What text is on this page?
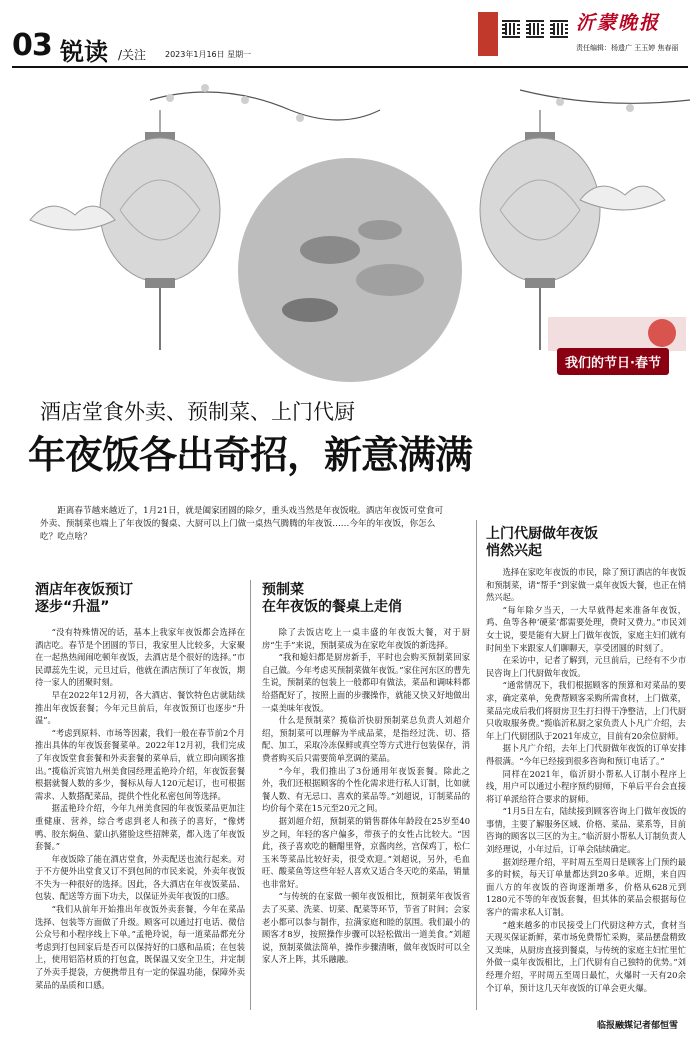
03 锐读 /关注 2023年1月16日 星期一
沂蒙晚报
责任编辑：杨遗广 王玉婷 焦春丽
我们的节日·春节
酒店堂食外卖、预制菜、上门代厨
年夜饭各出奇招，新意满满
距离春节越来越近了，1月21日，就是阖家团圆的除夕，重头戏当然是年夜饭啦。酒店年夜饭可堂食可外卖、预制菜也端上了年夜饭的餐桌、大厨可以上门做一桌热气腾腾的年夜饭……今年的年夜饭，你怎么吃？吃点啥？
酒店年夜饭预订
逐步“升温”

“没有特殊情况的话，基本上我家年夜饭都会选择在酒店吃。春节是个团圆的节日，我家里人比较多，大家聚在一起热热闹闹吃顿年夜饭，去酒店是个很好的选择。”市民谭蕊先生说，元旦过后，他就在酒店预订了年夜饭，期待一家人的团聚时刻。

早在2022年12月初，各大酒店、餐饮特色店就陆续推出年夜饭套餐；今年元旦前后，年夜饭预订也逐步“升温”。

“考虑到原料、市场等因素，我们一般在春节前2个月推出具体的年夜饭套餐菜单。2022年12月初，我们完成了年夜饭堂食套餐和外卖套餐的菜单后，就立即向顾客推出。”揽临沂宾馆九州美食园经理孟艳玲介绍，年夜饭套餐根据就餐人数的多少，餐标从每人120元起订，也可根据需求、人数搭配菜品，提供个性化私密包间等选择。

据孟艳玲介绍，今年九州美食园的年夜饭菜品更加注重健康、营养，综合考虑到老人和孩子的喜好，“像烤鸭、胶东焖鱼、蒙山扒猪脸这些招牌菜，都入选了年夜饭套餐。”

年夜饭除了能在酒店堂食，外卖配送也流行起来。对于不方便外出堂食又订不到包间的市民来说，外卖年夜饭不失为一种很好的选择。因此，各大酒店在年夜饭菜品、包装、配送等方面下功夫，以保证外卖年夜饭的口感。

“我们从前年开始推出年夜饭外卖套餐，今年在菜品选择、包装等方面做了升级。顾客可以通过打电话、微信公众号和小程序线上下单。”孟艳玲说，每一道菜品都充分考虑到打包回家后是否可以保持好的口感和品质；在包装上，使用铝箔材质的打包盒，既保温又安全卫生，并定制了外卖手提袋，方便携带且有一定的保温功能，保障外卖菜品的品质和口感。

预制菜
在年夜饭的餐桌上走俏

除了去饭店吃上一桌丰盛的年夜饭大餐，对于厨房“生手”来说，预制菜成为在家吃年夜饭的新选择。

“我和媳妇都是厨房新手，平时也会购买预制菜回家自己做。今年考虑买预制菜做年夜饭。”家住河东区的曹先生说，预制菜的包装上一般都印有做法，菜品和调味料都给搭配好了，按照上面的步骤操作，就能又快又好地做出一桌美味年夜饭。

什么是预制菜？揽临沂快厨预制菜总负责人刘超介绍，预制菜可以理解为半成品菜，是指经过洗、切、搭配、加工，采取冷冻保鲜或真空等方式进行包装保存，消费者购买后只需要简单烹调的菜品。

“今年，我们推出了3份通用年夜饭套餐。除此之外，我们还根据顾客的个性化需求进行私人订制，比如就餐人数、有无忌口、喜欢的菜品等。”刘超说，订制菜品的均价每个菜在15元至20元之间。

据刘超介绍，预制菜的销售群体年龄段在25岁至40岁之间，年轻的客户偏多，带孩子的女性占比较大。“因此，孩子喜欢吃的糖醋里脊，京酱肉丝，宫保鸡丁，松仁玉米等菜品比较好卖，很受欢迎。”刘超说，另外，毛血旺、酸菜鱼等这些年轻人喜欢又适合冬天吃的菜品，销量也非常好。

“与传统的在家做一顿年夜饭相比，预制菜年夜饭省去了买菜、洗菜、切菜、配菜等环节，节省了时间；会家老小都可以参与制作，拉满家庭和睦的氛围。我们最小的顾客才8岁，按照操作步骤可以轻松做出一道美食。”刘超说，预制菜做法简单，操作步骤清晰，做年夜饭时可以全家人齐上阵，其乐融融。

上门代厨做年夜饭
悄然兴起

选择在家吃年夜饭的市民，除了预订酒店的年夜饭和预制菜，请“帮手”到家做一桌年夜饭大餐，也正在悄然兴起。

“每年除夕当天，一大早就得起来准备年夜饭，鸡、鱼等各种‘硬菜’都需要处理，费时又费力。”市民刘女士说，要是能有大厨上门做年夜饭，家庭主妇们就有时间坐下来跟家人们聊聊天，享受团圆的时刻了。

在采访中，记者了解到，元旦前后，已经有不少市民咨询上门代厨做年夜饭。

“通常情况下，我们根据顾客的预算和对菜品的要求，确定菜单，免费帮顾客采购所需食材，上门做菜，菜品完成后我们将厨房卫生打扫得干净整洁，上门代厨只收取服务费。”揽临沂私厨之家负责人卜凡广介绍，去年上门代厨团队于2021年成立，目前有20余位厨师。

据卜凡广介绍，去年上门代厨做年夜饭的订单安排得很满。“今年已经接到很多咨询和预订电话了。”

同样在2021年，临沂厨小帮私人订制小程序上线，用户可以通过小程序预约厨师，下单后平台会直接将订单派给符合要求的厨师。

“1月5日左右，陆续接到顾客咨询上门做年夜饭的事情，主要了解服务区域、价格、菜品、菜系等，目前咨询的顾客以三区的为主。”临沂厨小帮私人订制负责人刘经理说，小年过后，订单会陆续确定。

据刘经理介绍，平时周五至周日是顾客上门预约最多的时候，每天订单量都达到20多单。近期，来自四面八方的年夜饭的咨询逐渐增多，价格从628元到1280元不等的年夜饭套餐，但其体的菜品会根据每位客户的需求私人订制。

“越来越多的市民接受上门代厨这种方式，食材当天现买保证新鲜，菜市场免费帮忙采购，菜品摆盘精致又美味，从厨房直接到餐桌，与传统的家庭主妇忙里忙外做一桌年夜饭相比，上门代厨有自己独特的优势。”刘经理介绍，平时周五至周日最忙，火爆时一天有20余个订单，预计这几天年夜饭的订单会更火爆。

临报融媒记者郁恒雪
